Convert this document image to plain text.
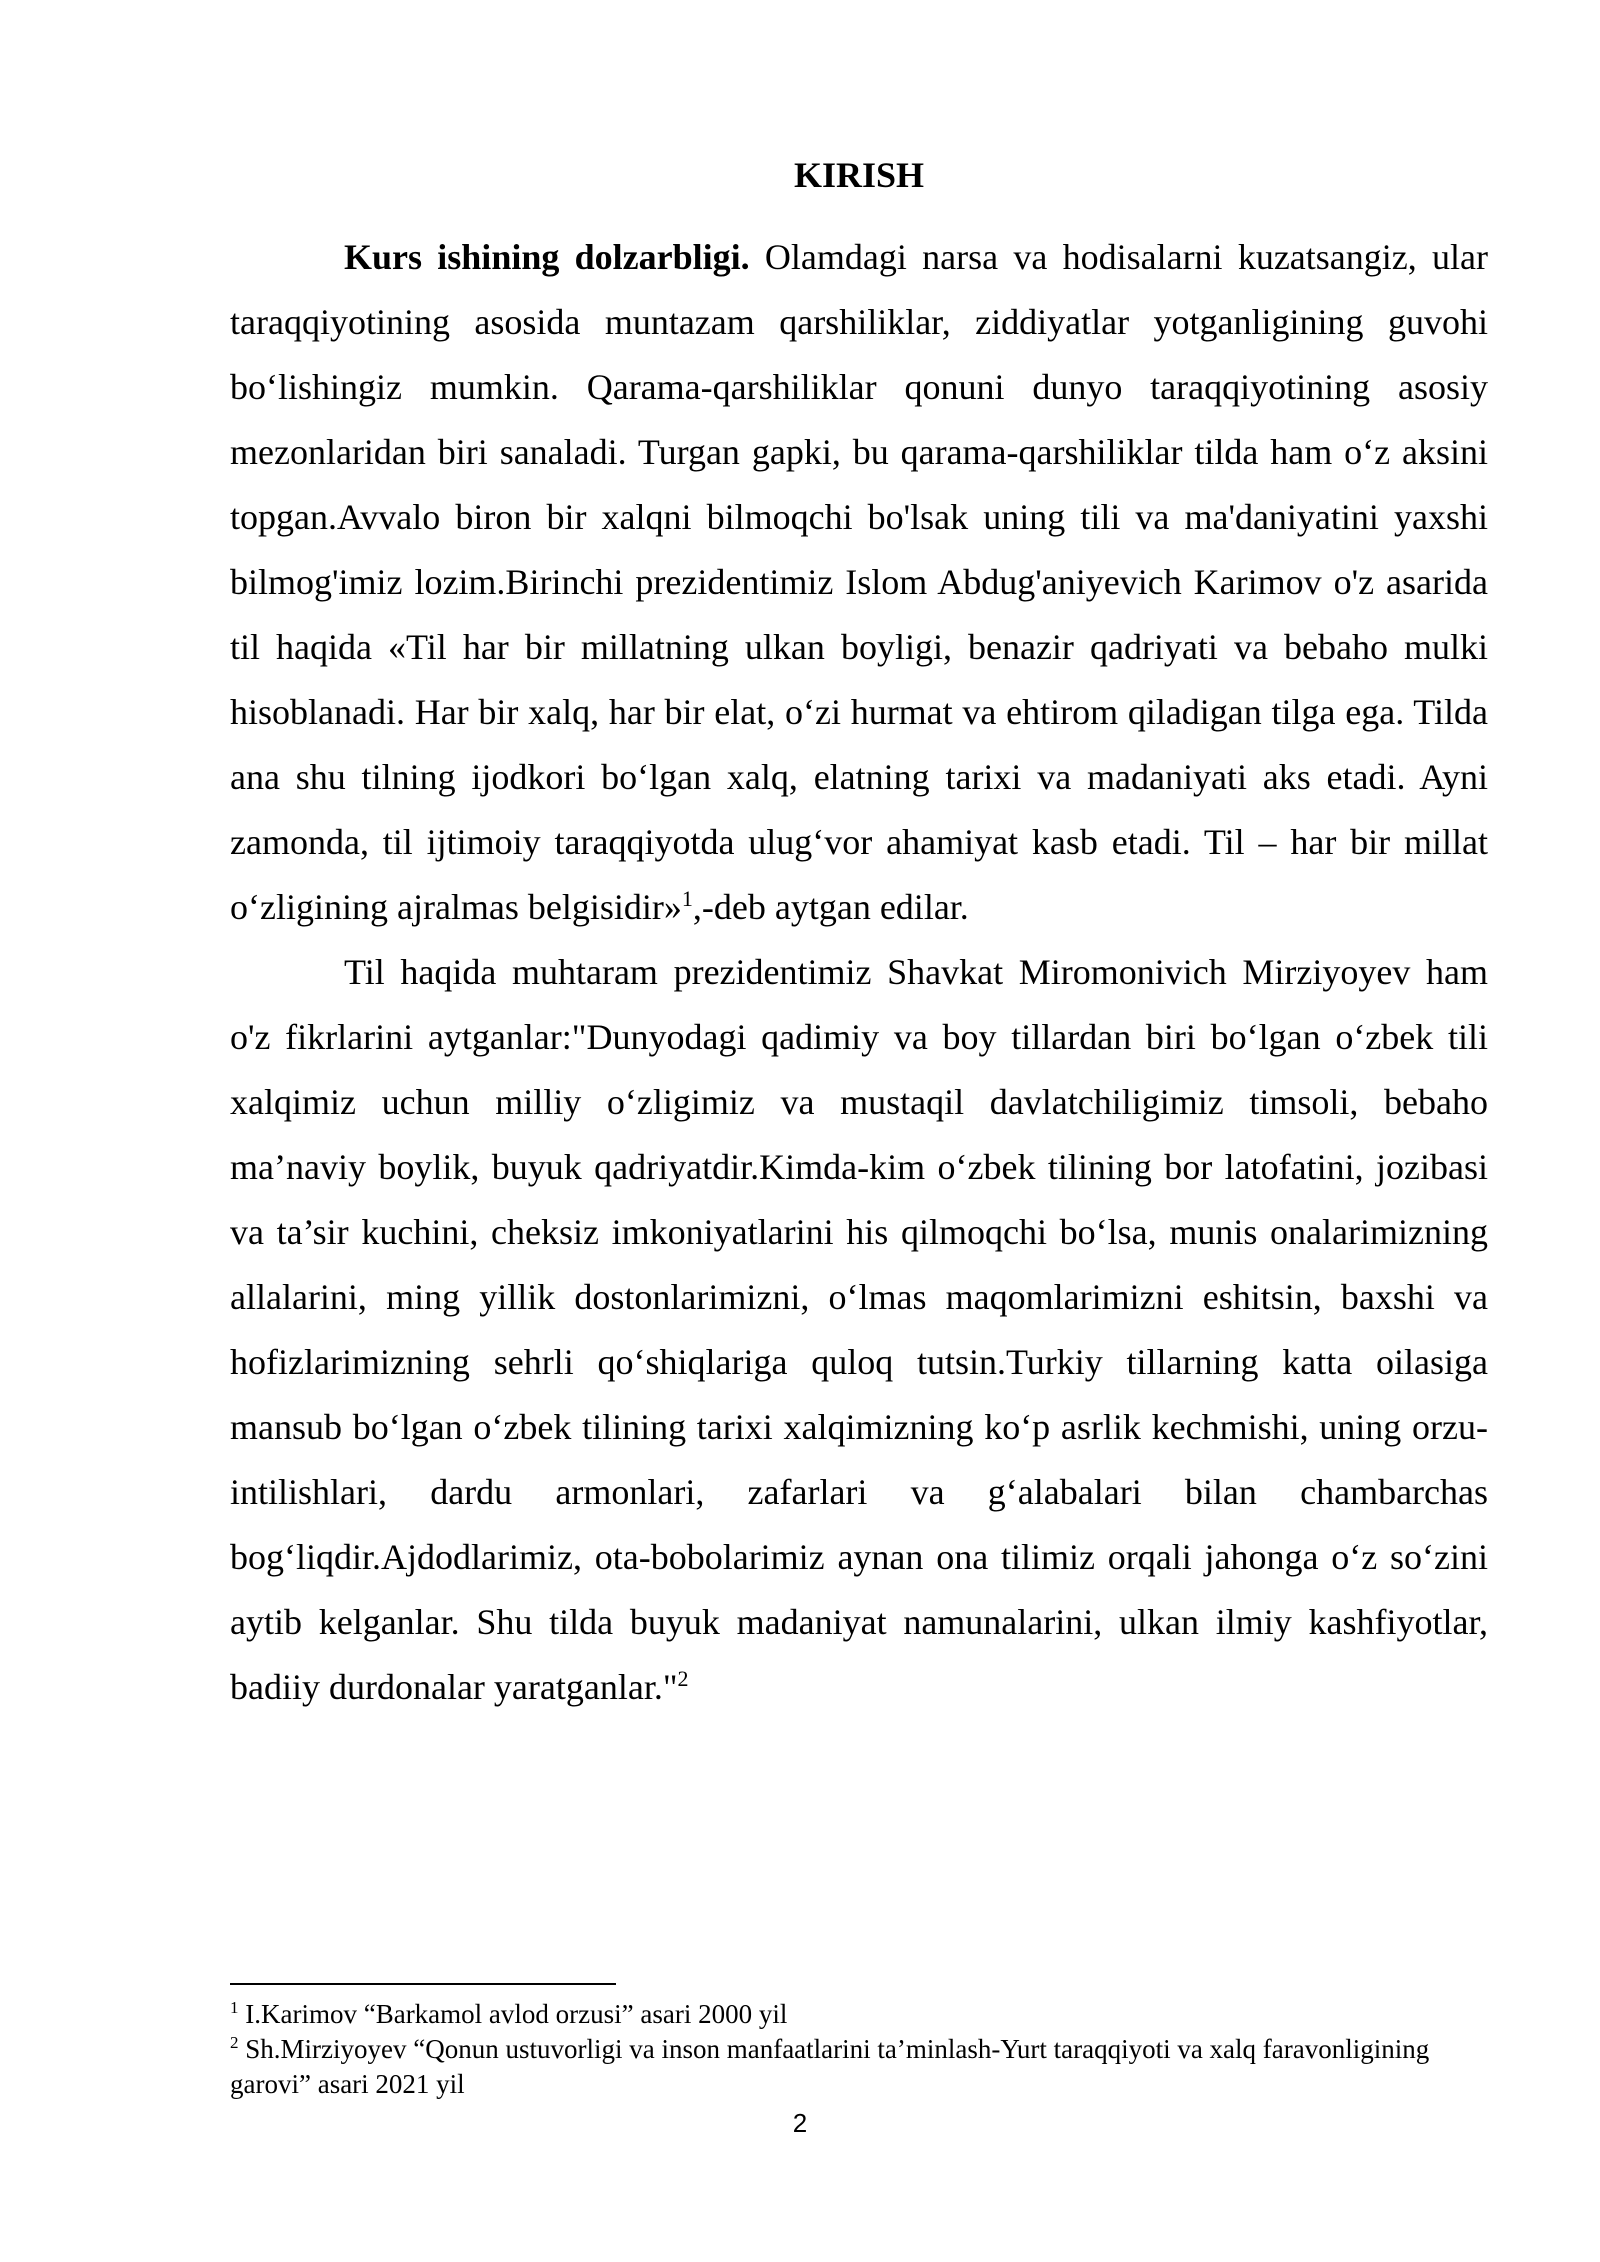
KIRISH

Kurs ishining dolzarbligi. Olamdagi narsa va hodisalarni kuzatsangiz, ular taraqqiyotining asosida muntazam qarshiliklar, ziddiyatlar yotganligining guvohi bo‘lishingiz mumkin. Qarama-qarshiliklar qonuni dunyo taraqqiyotining asosiy mezonlaridan biri sanaladi. Turgan gapki, bu qarama-qarshiliklar tilda ham o‘z aksini topgan.Avvalo biron bir xalqni bilmoqchi bo'lsak uning tili va ma'daniyatini yaxshi bilmog'imiz lozim.Birinchi prezidentimiz Islom Abdug'aniyevich Karimov o'z asarida til haqida «Til har bir millatning ulkan boyligi, benazir qadriyati va bebaho mulki hisoblanadi. Har bir xalq, har bir elat, o‘zi hurmat va ehtirom qiladigan tilga ega. Tilda ana shu tilning ijodkori bo‘lgan xalq, elatning tarixi va madaniyati aks etadi. Ayni zamonda, til ijtimoiy taraqqiyotda ulug‘vor ahamiyat kasb etadi. Til – har bir millat o‘zligining ajralmas belgisidir»$^1$,-deb aytgan edilar.

Til haqida muhtaram prezidentimiz Shavkat Miromonivich Mirziyoyev ham o'z fikrlarini aytganlar:"Dunyodagi qadimiy va boy tillardan biri bo‘lgan o‘zbek tili xalqimiz uchun milliy o‘zligimiz va mustaqil davlatchiligimiz timsoli, bebaho ma’naviy boylik, buyuk qadriyatdir.Kimda-kim o‘zbek tilining bor latofatini, jozibasi va ta’sir kuchini, cheksiz imkoniyatlarini his qilmoqchi bo‘lsa, munis onalarimizning allalarini, ming yillik dostonlarimizni, o‘lmas maqomlarimizni eshitsin, baxshi va hofizlarimizning sehrli qo‘shiqlariga quloq tutsin.Turkiy tillarning katta oilasiga mansub bo‘lgan o‘zbek tilining tarixi xalqimizning ko‘p asrlik kechmishi, uning orzu-intilishlari, dardu armonlari, zafarlari va g‘alabalari bilan chambarchas bog‘liqdir.Ajdodlarimiz, ota-bobolarimiz aynan ona tilimiz orqali jahonga o‘z so‘zini aytib kelganlar. Shu tilda buyuk madaniyat namunalarini, ulkan ilmiy kashfiyotlar, badiiy durdonalar yaratganlar."$^2$

$^1$ I.Karimov “Barkamol avlod orzusi” asari 2000 yil

$^2$ Sh.Mirziyoyev “Qonun ustuvorligi va inson manfaatlarini ta’minlash-Yurt taraqqiyoti va xalq faravonligining garovi” asari 2021 yil

2
